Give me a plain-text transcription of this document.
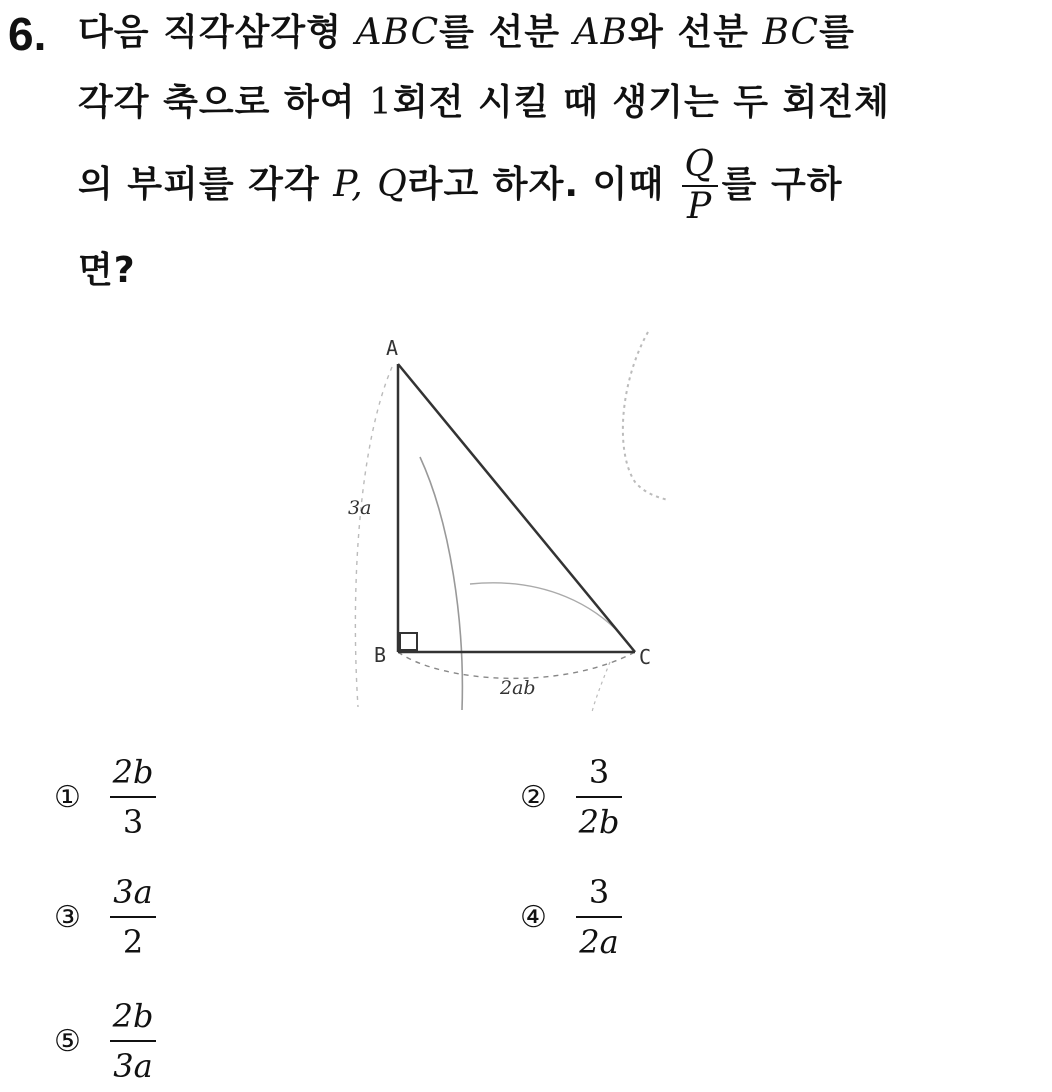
6. 다음 직각삼각형 ABC를 선분 AB와 선분 BC를
각각 축으로 하여 1회전 시킬 때 생기는 두 회전체
의 부피를 각각 P, Q라고 하자. 이때 $\frac{Q}{P}$ 를 구하
면?
A
B	C
3a
2ab
①
2b
3
②
3
2b
③
3a
2
④
3
2a
⑤
2b
3a
